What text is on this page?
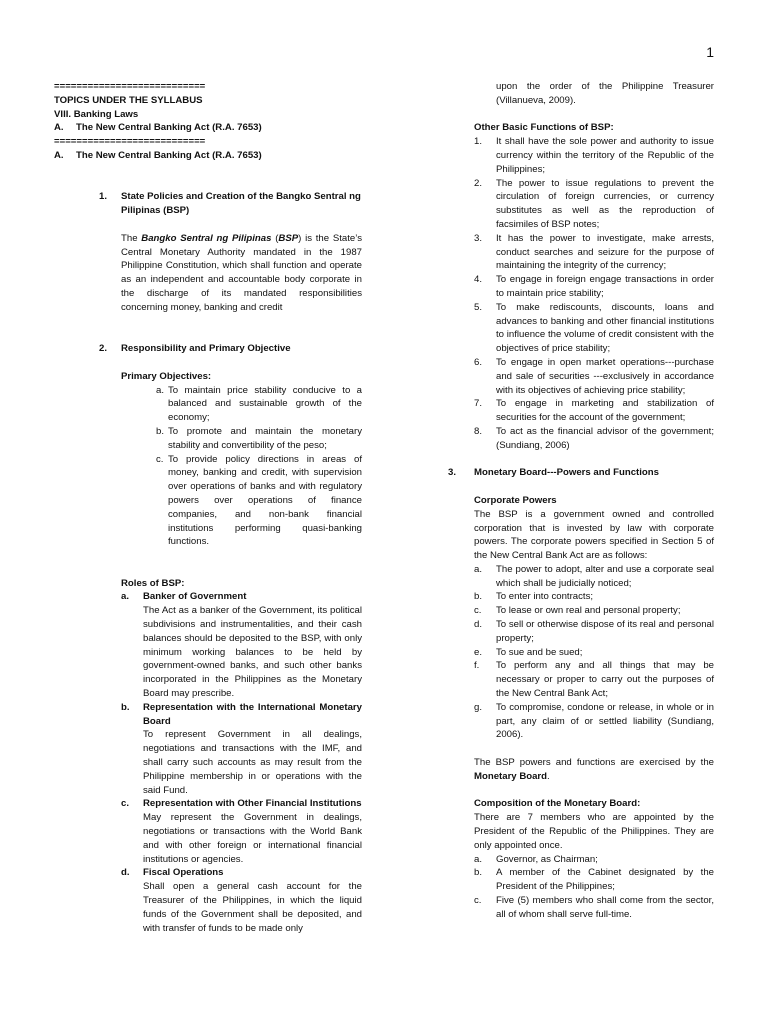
1

===========================

TOPICS UNDER THE SYLLABUS

VIII. Banking Laws

A.	The New Central Banking Act (R.A. 7653)

===========================

A.	The New Central Banking Act (R.A. 7653)
1.	State Policies and Creation of the Bangko Sentral ng Pilipinas (BSP)

The Bangko Sentral ng Pilipinas (BSP) is the State’s Central Monetary Authority mandated in the 1987 Philippine Constitution, which shall function and operate as an independent and accountable body corporate in the discharge of its mandated responsibilities concerning money, banking and credit

2.	Responsibility and Primary Objective

Primary Objectives:

a. To maintain price stability conducive to a balanced and sustainable growth of the economy;
b. To promote and maintain the monetary stability and convertibility of the peso;
c. To provide policy directions in areas of money, banking and credit, with supervision over operations of banks and with regulatory powers over operations of finance companies, and non-bank financial institutions performing quasi-banking functions.

Roles of BSP:

a.	Banker of Government

The Act as a banker of the Government, its political subdivisions and instrumentalities, and their cash balances should be deposited to the BSP, with only minimum working balances to be held by government-owned banks, and such other banks incorporated in the Philippines as the Monetary Board may prescribe.

b.	Representation with the International Monetary Board

To represent Government in all dealings, negotiations and transactions with the IMF, and shall carry such accounts as may result from the Philippine membership in or operations with the said Fund.

c.	Representation with Other Financial Institutions

May represent the Government in dealings, negotiations or transactions with the World Bank and with other foreign or international financial institutions or agencies.

d.	Fiscal Operations

Shall open a general cash account for the Treasurer of the Philippines, in which the liquid funds of the Government shall be deposited, and with transfer of funds to be made only

upon the order of the Philippine Treasurer (Villanueva, 2009).

Other Basic Functions of BSP:

1.	It shall have the sole power and authority to issue currency within the territory of the Republic of the Philippines;
2.	The power to issue regulations to prevent the circulation of foreign currencies, or currency substitutes as well as the reproduction of facsimiles of BSP notes;
3.	It has the power to investigate, make arrests, conduct searches and seizure for the purpose of maintaining the integrity of the currency;
4.	To engage in foreign engage transactions in order to maintain price stability;
5.	To make rediscounts, discounts, loans and advances to banking and other financial institutions to influence the volume of credit consistent with the objectives of price stability;
6.	To engage in open market operations---purchase and sale of securities ---exclusively in accordance with its objectives of achieving price stability;
7.	To engage in marketing and stabilization of securities for the account of the government;
8.	To act as the financial advisor of the government; (Sundiang, 2006)
3.	Monetary Board---Powers and Functions

Corporate Powers

The BSP is a government owned and controlled corporation that is invested by law with corporate powers. The corporate powers specified in Section 5 of the New Central Bank Act are as follows:

a.	The power to adopt, alter and use a corporate seal which shall be judicially noticed;
b.	To enter into contracts;
c.	To lease or own real and personal property;
d.	To sell or otherwise dispose of its real and personal property;
e.	To sue and be sued;
f.	To perform any and all things that may be necessary or proper to carry out the purposes of the New Central Bank Act;
g.	To compromise, condone or release, in whole or in part, any claim of or settled liability (Sundiang, 2006).

The BSP powers and functions are exercised by the Monetary Board.

Composition of the Monetary Board:

There are 7 members who are appointed by the President of the Republic of the Philippines. They are only appointed once.

a.	Governor, as Chairman;
b.	A member of the Cabinet designated by the President of the Philippines;
c.	Five (5) members who shall come from the sector, all of whom shall serve full-time.
